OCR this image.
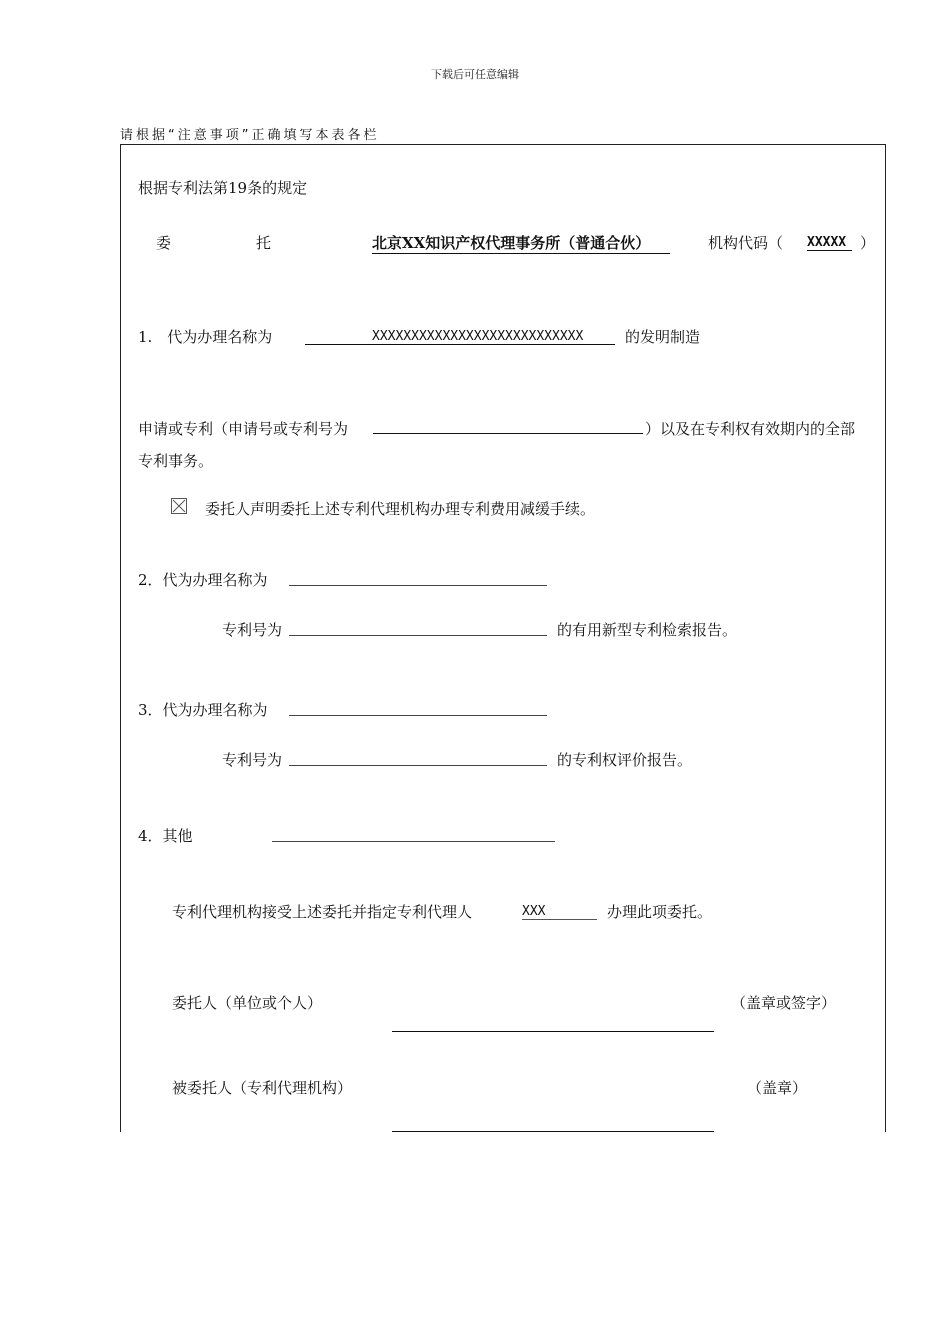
下载后可任意编辑
请根据“注意事项”正确填写本表各栏
根据专利法第19条的规定
委	托	北京XX知识产权代理事务所（普通合伙）	机构代码（ XXXXX ）
1.　代为办理名称为	XXXXXXXXXXXXXXXXXXXXXXXXXXX	的发明制造
申请或专利（申请号或专利号为	）以及在专利权有效期内的全部
专利事务。
委托人声明委托上述专利代理机构办理专利费用减缓手续。
2．代为办理名称为
专利号为	的有用新型专利检索报告。
3．代为办理名称为
专利号为	的专利权评价报告。
4．其他
专利代理机构接受上述委托并指定专利代理人	XXX	办理此项委托。
委托人（单位或个人）	（盖章或签字）
被委托人（专利代理机构）	（盖章）
